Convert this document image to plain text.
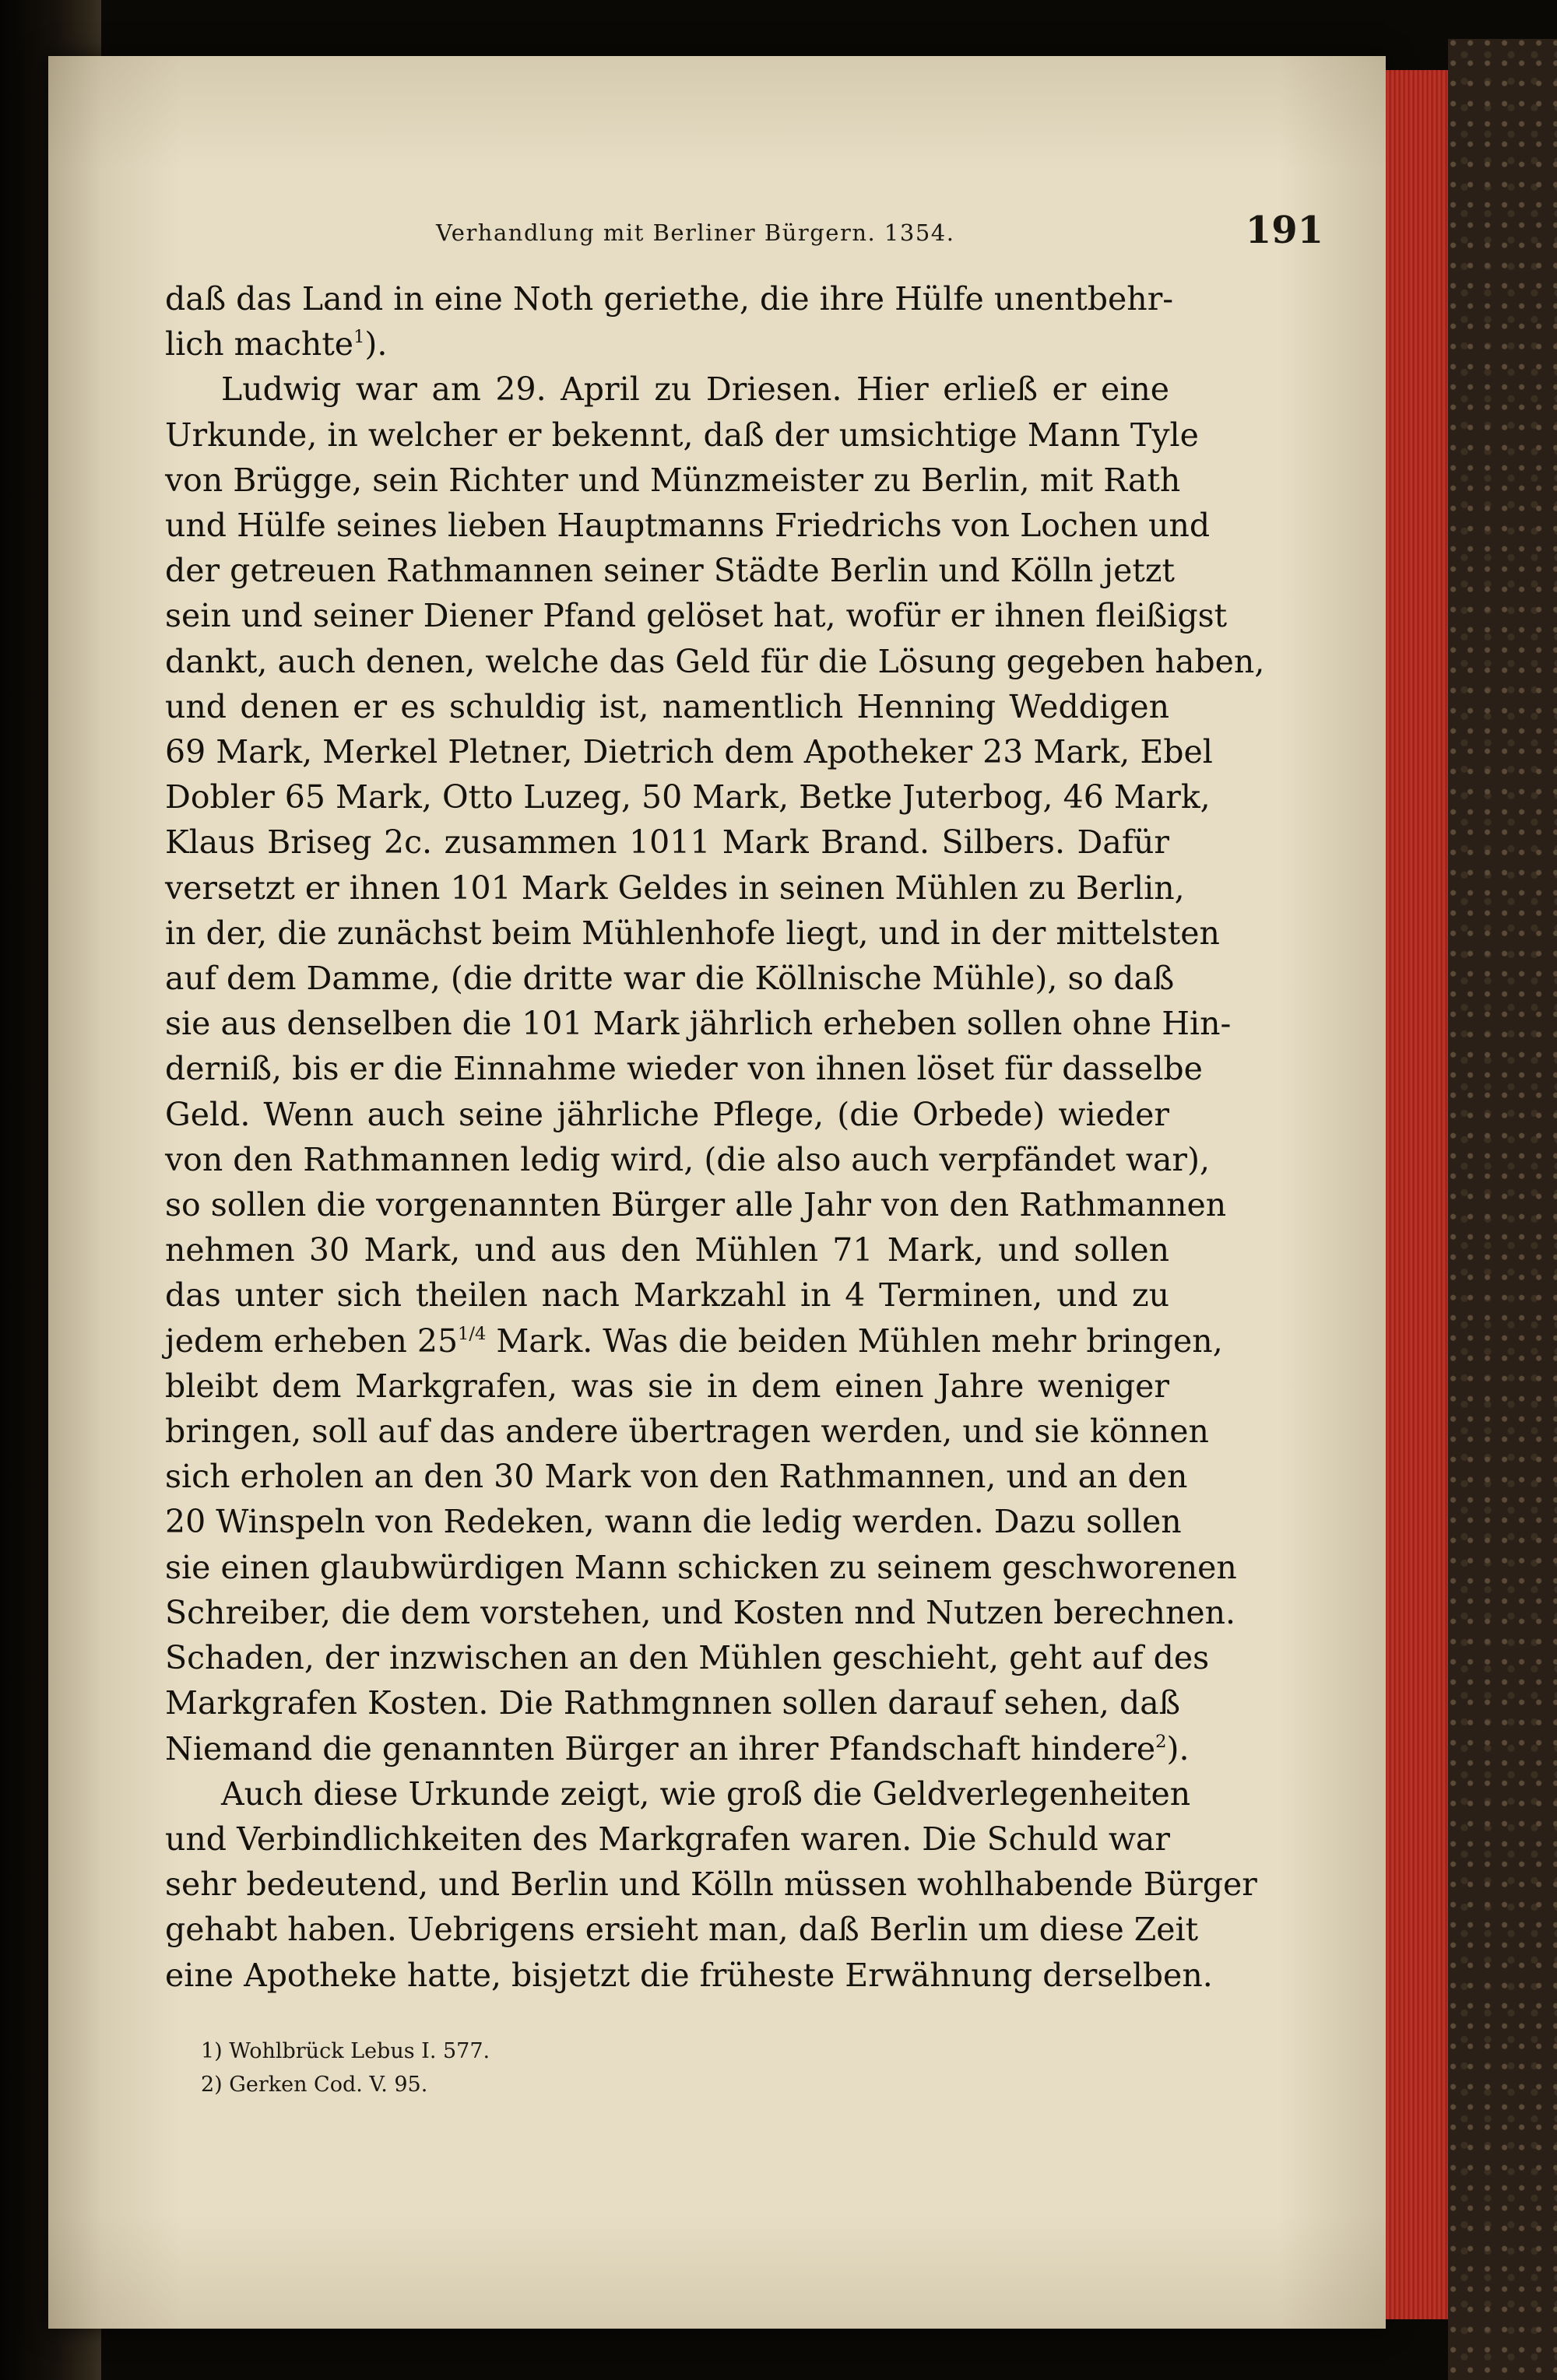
Verhandlung mit Berliner Bürgern. 1354.	191
daß das Land in eine Noth geriethe, die ihre Hülfe unentbehr-
lich machte$^1$).
Ludwig war am 29. April zu Driesen. Hier erließ er eine
Urkunde, in welcher er bekennt, daß der umsichtige Mann Tyle
von Brügge, sein Richter und Münzmeister zu Berlin, mit Rath
und Hülfe seines lieben Hauptmanns Friedrichs von Lochen und
der getreuen Rathmannen seiner Städte Berlin und Kölln jetzt
sein und seiner Diener Pfand gelöset hat, wofür er ihnen fleißigst
dankt, auch denen, welche das Geld für die Lösung gegeben haben,
und denen er es schuldig ist, namentlich Henning Weddigen
69 Mark, Merkel Pletner, Dietrich dem Apotheker 23 Mark, Ebel
Dobler 65 Mark, Otto Luzeg, 50 Mark, Betke Juterbog, 46 Mark,
Klaus Briseg 2c. zusammen 1011 Mark Brand. Silbers. Dafür
versetzt er ihnen 101 Mark Geldes in seinen Mühlen zu Berlin,
in der, die zunächst beim Mühlenhofe liegt, und in der mittelsten
auf dem Damme, (die dritte war die Köllnische Mühle), so daß
sie aus denselben die 101 Mark jährlich erheben sollen ohne Hin-
derniß, bis er die Einnahme wieder von ihnen löset für dasselbe
Geld. Wenn auch seine jährliche Pflege, (die Orbede) wieder
von den Rathmannen ledig wird, (die also auch verpfändet war),
so sollen die vorgenannten Bürger alle Jahr von den Rathmannen
nehmen 30 Mark, und aus den Mühlen 71 Mark, und sollen
das unter sich theilen nach Markzahl in 4 Terminen, und zu
jedem erheben $25^{1/4}$ Mark. Was die beiden Mühlen mehr bringen,
bleibt dem Markgrafen, was sie in dem einen Jahre weniger
bringen, soll auf das andere übertragen werden, und sie können
sich erholen an den 30 Mark von den Rathmannen, und an den
20 Winspeln von Redeken, wann die ledig werden. Dazu sollen
sie einen glaubwürdigen Mann schicken zu seinem geschworenen
Schreiber, die dem vorstehen, und Kosten nnd Nutzen berechnen.
Schaden, der inzwischen an den Mühlen geschieht, geht auf des
Markgrafen Kosten. Die Rathmgnnen sollen darauf sehen, daß
Niemand die genannten Bürger an ihrer Pfandschaft hindere$^2$).
Auch diese Urkunde zeigt, wie groß die Geldverlegenheiten
und Verbindlichkeiten des Markgrafen waren. Die Schuld war
sehr bedeutend, und Berlin und Kölln müssen wohlhabende Bürger
gehabt haben. Uebrigens ersieht man, daß Berlin um diese Zeit
eine Apotheke hatte, bisjetzt die früheste Erwähnung derselben.
1) Wohlbrück Lebus I. 577.
2) Gerken Cod. V. 95.
